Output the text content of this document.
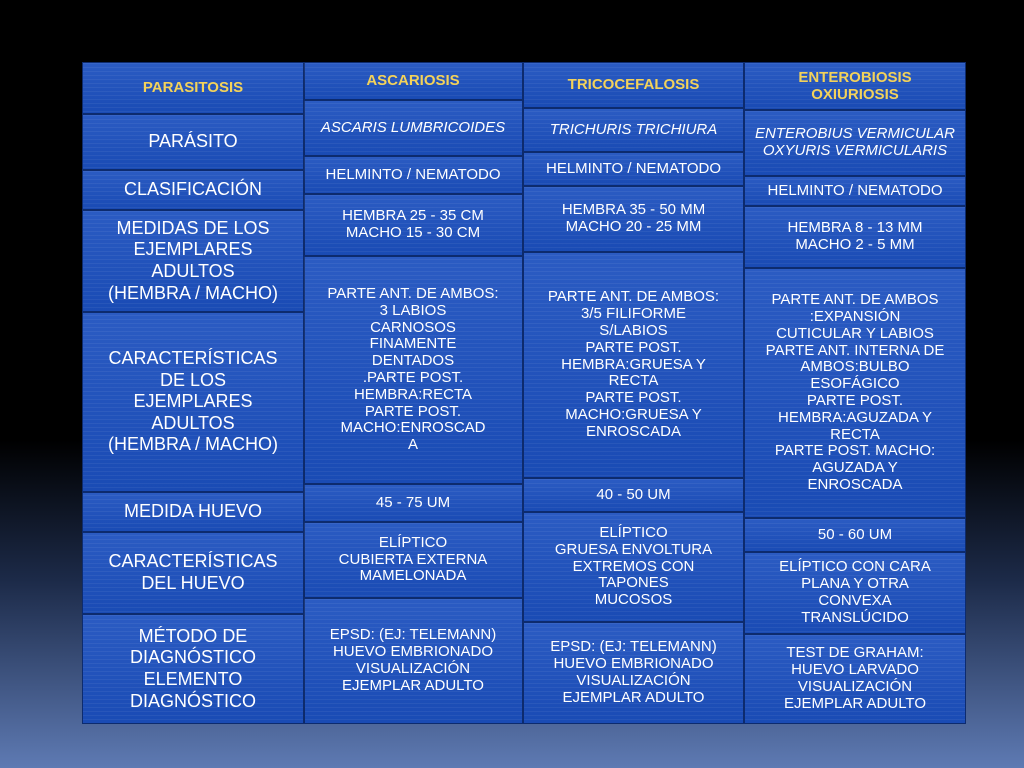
PARASITOSIS
PARÁSITO
CLASIFICACIÓN
MEDIDAS DE LOS
EJEMPLARES
ADULTOS
(HEMBRA / MACHO)
CARACTERÍSTICAS
DE LOS
EJEMPLARES
ADULTOS
(HEMBRA / MACHO)
MEDIDA HUEVO
CARACTERÍSTICAS
DEL HUEVO
MÉTODO DE
DIAGNÓSTICO
ELEMENTO
DIAGNÓSTICO
ASCARIOSIS
ASCARIS LUMBRICOIDES
HELMINTO / NEMATODO
HEMBRA 25 - 35 CM
MACHO 15 - 30 CM
PARTE ANT. DE AMBOS:
3 LABIOS
CARNOSOS
FINAMENTE
DENTADOS
.PARTE POST.
HEMBRA:RECTA
PARTE POST.
MACHO:ENROSCAD
A
45 - 75 UM
ELÍPTICO
CUBIERTA EXTERNA
MAMELONADA
EPSD: (EJ: TELEMANN)
HUEVO EMBRIONADO
VISUALIZACIÓN
EJEMPLAR ADULTO
TRICOCEFALOSIS
TRICHURIS TRICHIURA
HELMINTO / NEMATODO
HEMBRA 35 - 50 MM
MACHO 20 - 25 MM
PARTE ANT. DE AMBOS:
3/5 FILIFORME
S/LABIOS
PARTE POST.
HEMBRA:GRUESA Y
RECTA
PARTE POST.
MACHO:GRUESA Y
ENROSCADA
40 - 50 UM
ELÍPTICO
GRUESA ENVOLTURA
EXTREMOS CON
TAPONES
MUCOSOS
EPSD: (EJ: TELEMANN)
HUEVO EMBRIONADO
VISUALIZACIÓN
EJEMPLAR ADULTO
ENTEROBIOSIS
OXIURIOSIS
ENTEROBIUS VERMICULAR
OXYURIS VERMICULARIS
HELMINTO / NEMATODO
HEMBRA 8 - 13 MM
MACHO 2 - 5 MM
PARTE ANT. DE AMBOS
:EXPANSIÓN
CUTICULAR Y LABIOS
PARTE ANT. INTERNA DE
AMBOS:BULBO
ESOFÁGICO
PARTE POST.
HEMBRA:AGUZADA Y
RECTA
PARTE POST. MACHO:
AGUZADA Y
ENROSCADA
50 - 60 UM
ELÍPTICO CON CARA
PLANA Y OTRA
CONVEXA
TRANSLÚCIDO
TEST DE GRAHAM:
HUEVO LARVADO
VISUALIZACIÓN
EJEMPLAR ADULTO
